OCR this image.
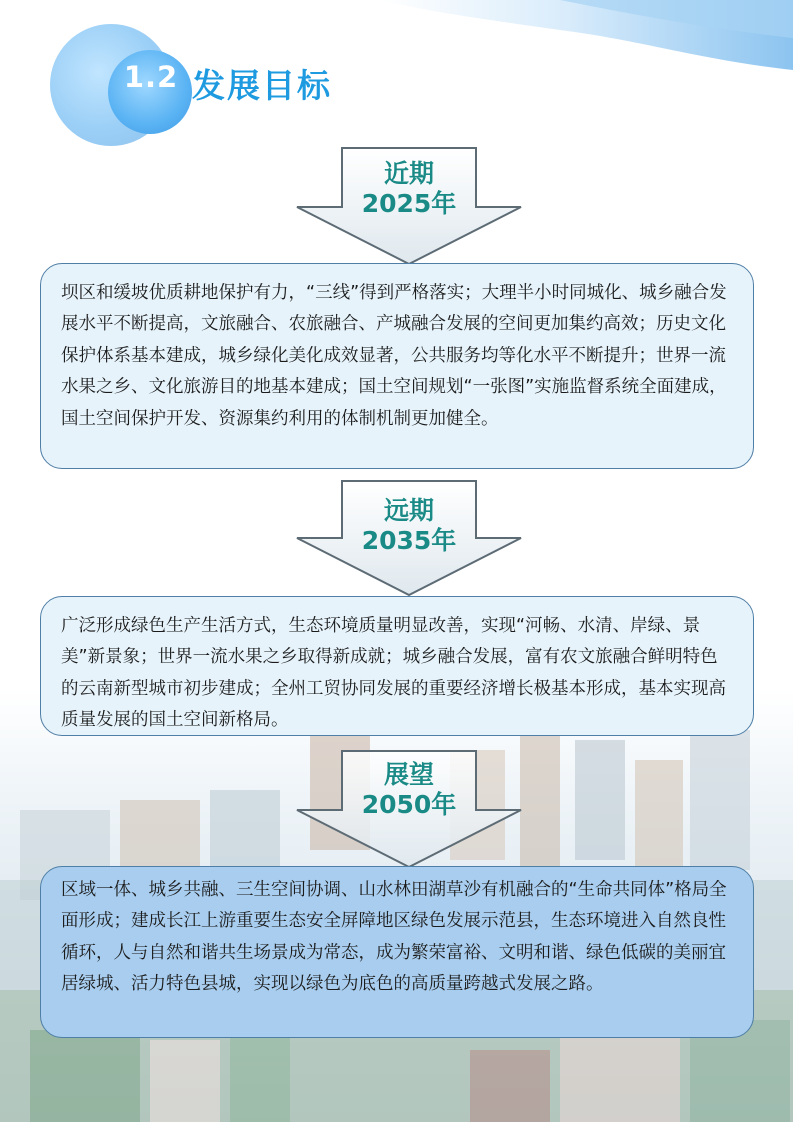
1.2 发展目标
近期
2025年
坝区和缓坡优质耕地保护有力，“三线”得到严格落实；大理半小时同城化、城乡融合发展水平不断提高，文旅融合、农旅融合、产城融合发展的空间更加集约高效；历史文化保护体系基本建成，城乡绿化美化成效显著，公共服务均等化水平不断提升；世界一流水果之乡、文化旅游目的地基本建成；国土空间规划“一张图”实施监督系统全面建成，国土空间保护开发、资源集约利用的体制机制更加健全。
远期
2035年
广泛形成绿色生产生活方式，生态环境质量明显改善，实现“河畅、水清、岸绿、景美”新景象；世界一流水果之乡取得新成就；城乡融合发展，富有农文旅融合鲜明特色的云南新型城市初步建成；全州工贸协同发展的重要经济增长极基本形成，基本实现高质量发展的国土空间新格局。
展望
2050年
区域一体、城乡共融、三生空间协调、山水林田湖草沙有机融合的“生命共同体”格局全面形成；建成长江上游重要生态安全屏障地区绿色发展示范县，生态环境进入自然良性循环，人与自然和谐共生场景成为常态，成为繁荣富裕、文明和谐、绿色低碳的美丽宜居绿城、活力特色县城，实现以绿色为底色的高质量跨越式发展之路。
